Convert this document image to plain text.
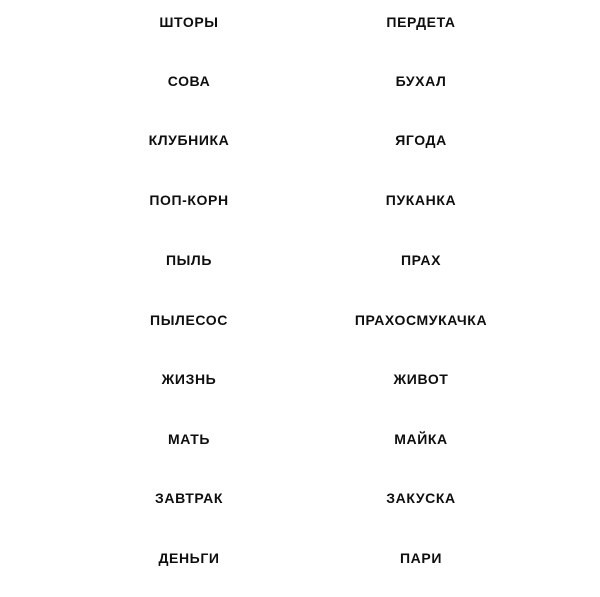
ШТОРЫ	ПЕРДЕТА
СОВА	БУХАЛ
КЛУБНИКА	ЯГОДА
ПОП-КОРН	ПУКАНКА
ПЫЛЬ	ПРАХ
ПЫЛЕСОС	ПРАХОСМУКАЧКА
ЖИЗНЬ	ЖИВОТ
МАТЬ	МАЙКА
ЗАВТРАК	ЗАКУСКА
ДЕНЬГИ	ПАРИ
